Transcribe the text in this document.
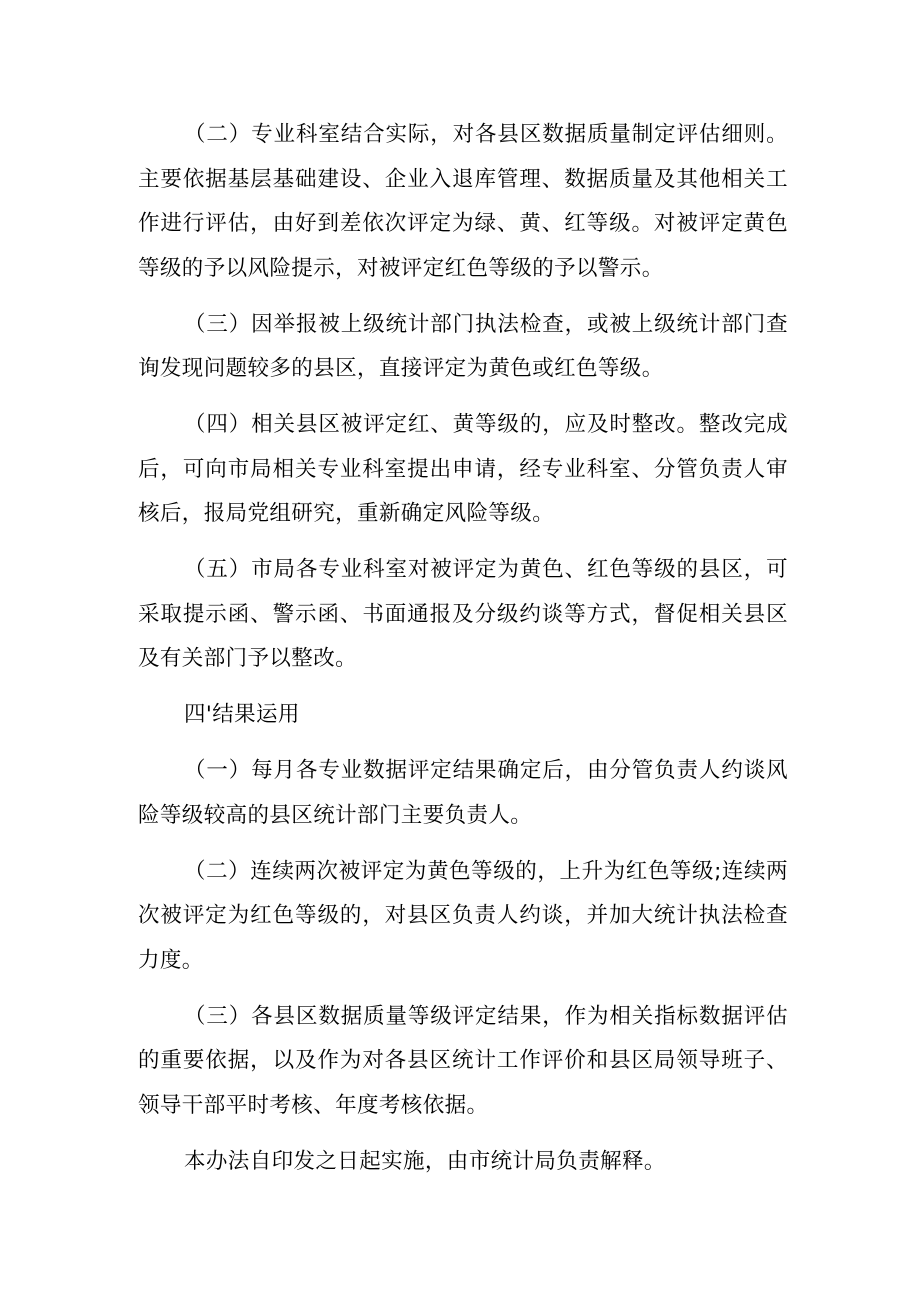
（二）专业科室结合实际，对各县区数据质量制定评估细则。主要依据基层基础建设、企业入退库管理、数据质量及其他相关工作进行评估，由好到差依次评定为绿、黄、红等级。对被评定黄色等级的予以风险提示，对被评定红色等级的予以警示。

（三）因举报被上级统计部门执法检查，或被上级统计部门查询发现问题较多的县区，直接评定为黄色或红色等级。

（四）相关县区被评定红、黄等级的，应及时整改。整改完成后，可向市局相关专业科室提出申请，经专业科室、分管负责人审核后，报局党组研究，重新确定风险等级。

（五）市局各专业科室对被评定为黄色、红色等级的县区，可采取提示函、警示函、书面通报及分级约谈等方式，督促相关县区及有关部门予以整改。

四'结果运用

（一）每月各专业数据评定结果确定后，由分管负责人约谈风险等级较高的县区统计部门主要负责人。

（二）连续两次被评定为黄色等级的，上升为红色等级;连续两次被评定为红色等级的，对县区负责人约谈，并加大统计执法检查力度。

（三）各县区数据质量等级评定结果，作为相关指标数据评估的重要依据，以及作为对各县区统计工作评价和县区局领导班子、领导干部平时考核、年度考核依据。

本办法自印发之日起实施，由市统计局负责解释。
